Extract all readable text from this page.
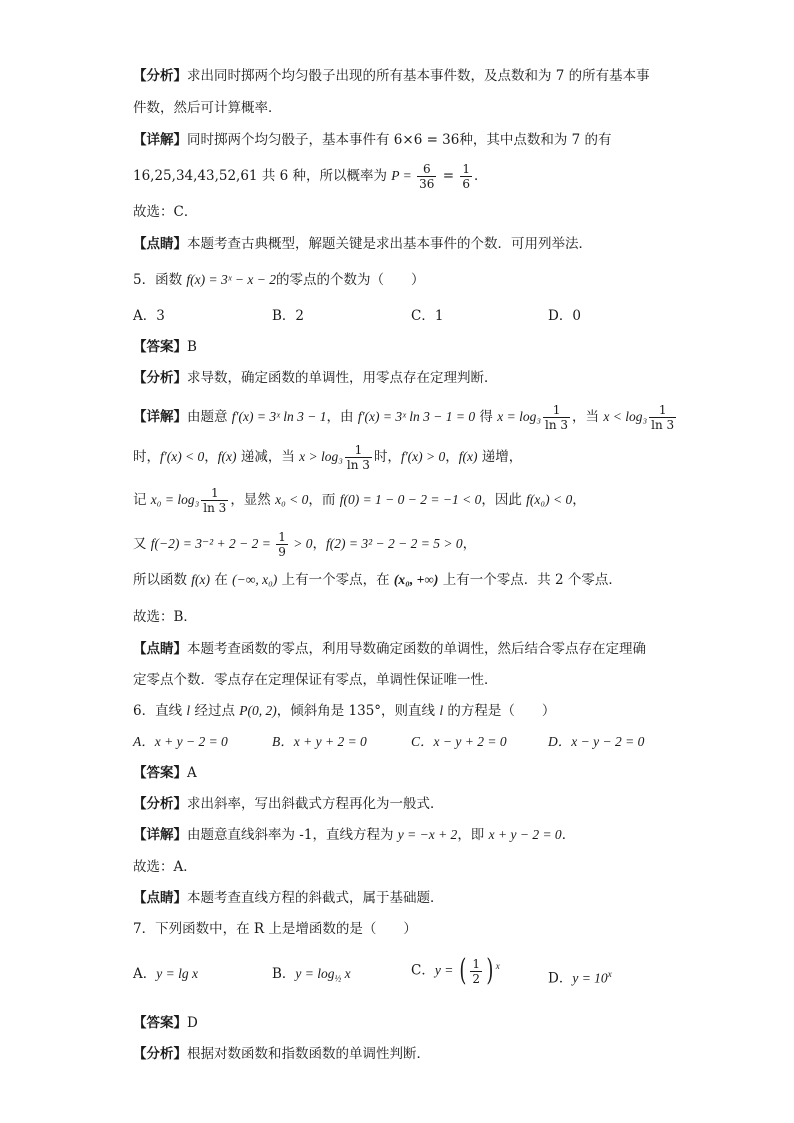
【分析】求出同时掷两个均匀骰子出现的所有基本事件数，及点数和为 7 的所有基本事
件数，然后可计算概率．
【详解】同时掷两个均匀骰子，基本事件有 6×6 = 36种，其中点数和为 7 的有
16,25,34,43,52,61 共 6 种，所以概率为 $P = \frac{6}{36} = \frac{1}{6}$ ．
故选：C．
【点睛】本题考查古典概型，解题关键是求出基本事件的个数．可用列举法．
5．函数 f(x) = 3ˣ − x − 2的零点的个数为（　　）
A．3	B．2	C．1	D．0
【答案】B
【分析】求导数，确定函数的单调性，用零点存在定理判断．
【详解】由题意 f′(x) = 3ˣ ln 3 − 1，由 f′(x) = 3ˣ ln 3 − 1 = 0 得 $x = \log_3 \frac{1}{\ln 3}$ ，当 $x < \log_3 \frac{1}{\ln 3}$
时，f′(x) < 0，f(x) 递减，当 $x > \log_3 \frac{1}{\ln 3}$ 时，f′(x) > 0，f(x) 递增，
记 $x_0 = \log_3 \frac{1}{\ln 3}$ ，显然 x₀ < 0，而 f(0) = 1 − 0 − 2 = −1 < 0，因此 f(x₀) < 0，
又 $f(-2) = 3^{-2} + 2 - 2 = \frac{1}{9} > 0$，f(2) = 3² − 2 − 2 = 5 > 0，
所以函数 f(x) 在 (−∞, x₀) 上有一个零点，在 (x₀, +∞) 上有一个零点．共 2 个零点．
故选：B．
【点睛】本题考查函数的零点，利用导数确定函数的单调性，然后结合零点存在定理确
定零点个数．零点存在定理保证有零点，单调性保证唯一性．
6．直线 l 经过点 P(0, 2)，倾斜角是 135°，则直线 l 的方程是（　　）
A．x + y − 2 = 0	B．x + y + 2 = 0	C．x − y + 2 = 0	D．x − y − 2 = 0
【答案】A
【分析】求出斜率，写出斜截式方程再化为一般式．
【详解】由题意直线斜率为 -1，直线方程为 y = −x + 2，即 x + y − 2 = 0．
故选：A．
【点睛】本题考查直线方程的斜截式，属于基础题．
7．下列函数中，在 R 上是增函数的是（　　）
A．y = lg x	B．$y = \log_{\frac{1}{2}} x$	C．y = ( $\frac{1}{2}$ ) $^x$
D．$y = 10^x$
【答案】D
【分析】根据对数函数和指数函数的单调性判断．
